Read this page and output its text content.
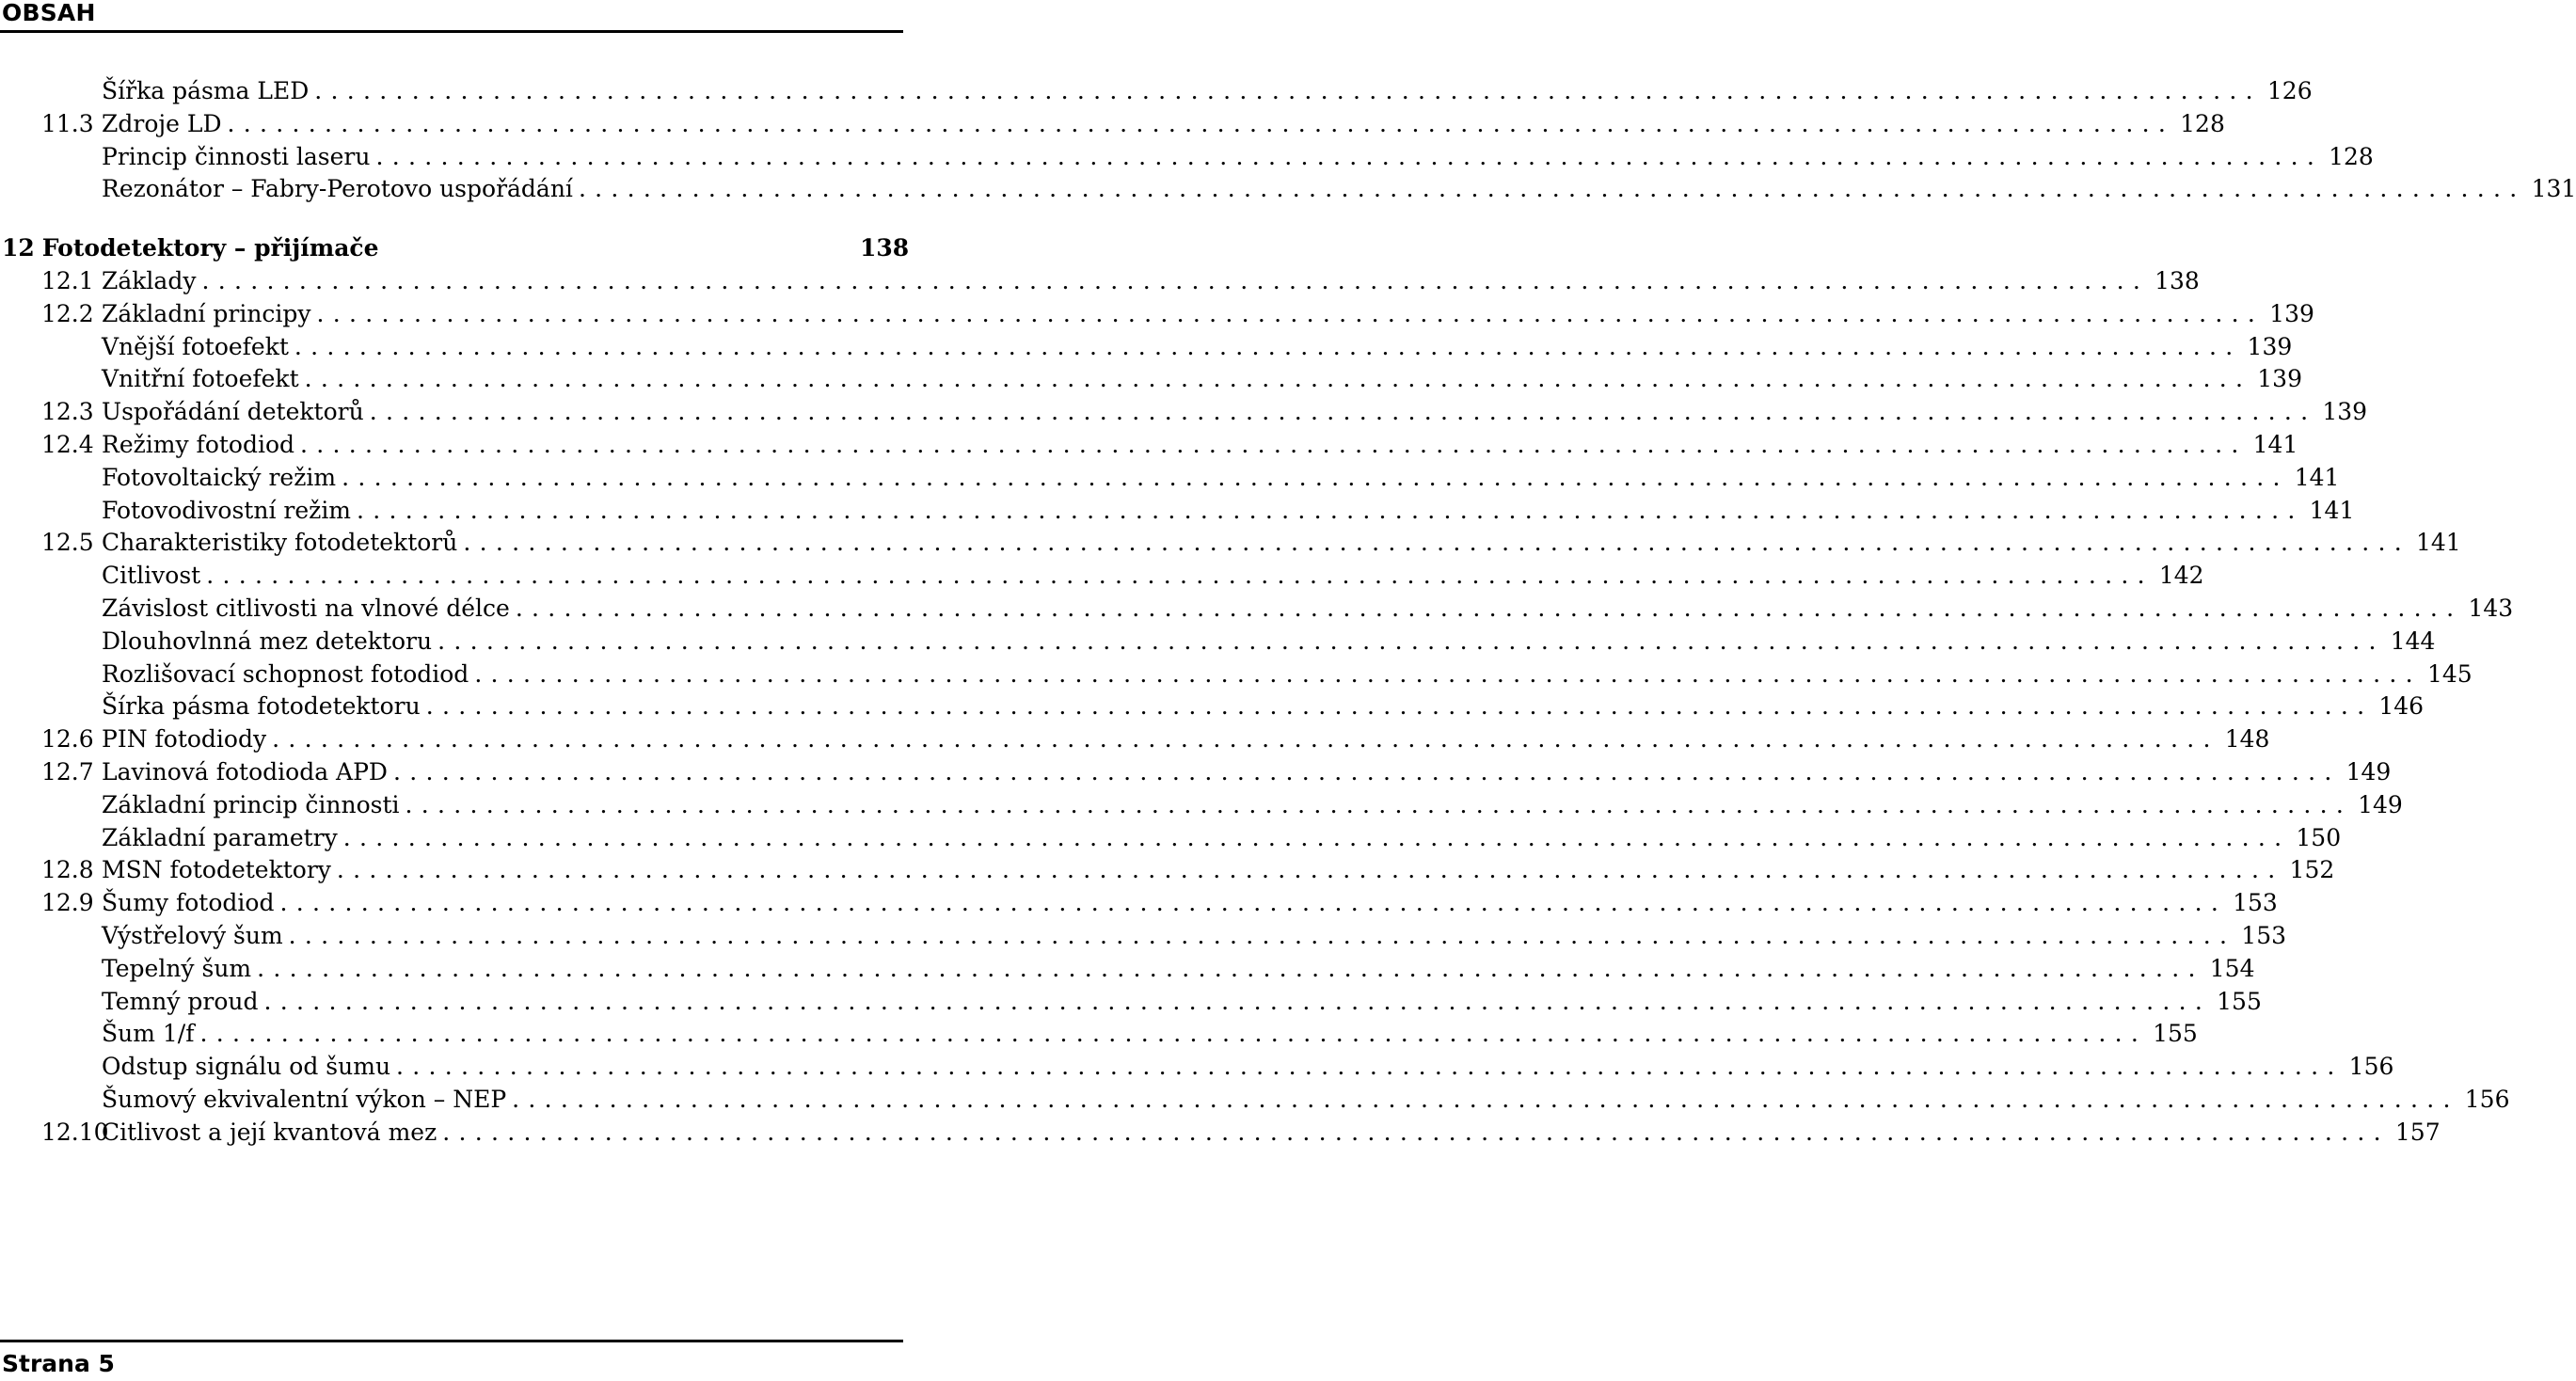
OBSAH
Šířka pásma LED ........................................................................................................................ 126
11.3 Zdroje LD ........................................................................................................................ 128
Princip činnosti laseru ........................................................................................................................ 128
Rezonátor – Fabry-Perotovo uspořádání ........................................................................................................................ 131
12 Fotodetektory – přijímače	138
12.1 Základy ........................................................................................................................ 138
12.2 Základní principy ........................................................................................................................ 139
Vnější fotoefekt ........................................................................................................................ 139
Vnitřní fotoefekt ........................................................................................................................ 139
12.3 Uspořádání detektorů ........................................................................................................................ 139
12.4 Režimy fotodiod ........................................................................................................................ 141
Fotovoltaický režim ........................................................................................................................ 141
Fotovodivostní režim ........................................................................................................................ 141
12.5 Charakteristiky fotodetektorů ........................................................................................................................ 141
Citlivost ........................................................................................................................ 142
Závislost citlivosti na vlnové délce ........................................................................................................................ 143
Dlouhovlnná mez detektoru ........................................................................................................................ 144
Rozlišovací schopnost fotodiod ........................................................................................................................ 145
Šírka pásma fotodetektoru ........................................................................................................................ 146
12.6 PIN fotodiody ........................................................................................................................ 148
12.7 Lavinová fotodioda APD ........................................................................................................................ 149
Základní princip činnosti ........................................................................................................................ 149
Základní parametry ........................................................................................................................ 150
12.8 MSN fotodetektory ........................................................................................................................ 152
12.9 Šumy fotodiod ........................................................................................................................ 153
Výstřelový šum ........................................................................................................................ 153
Tepelný šum ........................................................................................................................ 154
Temný proud ........................................................................................................................ 155
Šum 1/f ........................................................................................................................ 155
Odstup signálu od šumu ........................................................................................................................ 156
Šumový ekvivalentní výkon – NEP ........................................................................................................................ 156
12.10
Citlivost a její kvantová mez ........................................................................................................................ 157
Strana 5
